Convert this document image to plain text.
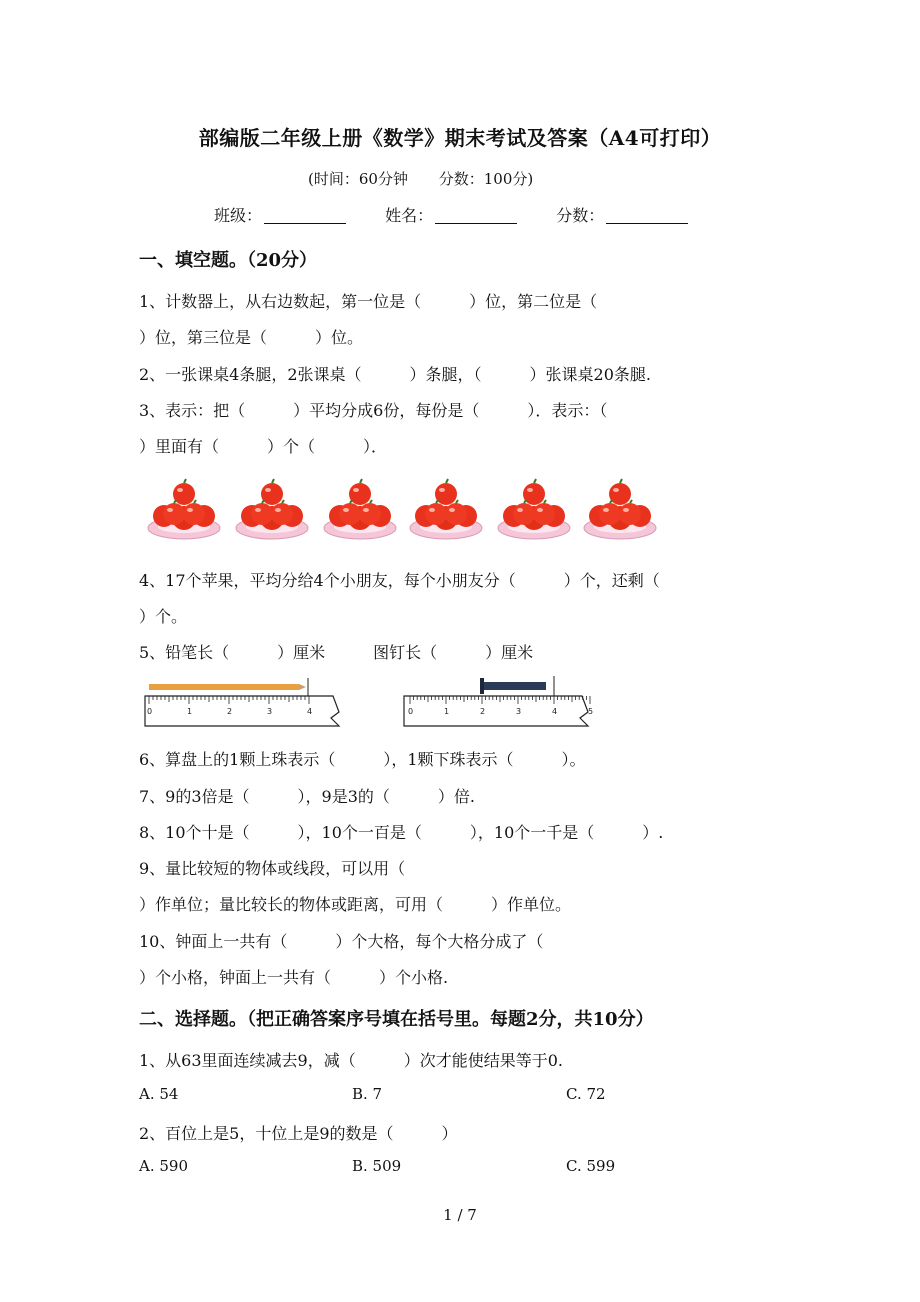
部编版二年级上册《数学》期末考试及答案（A4可打印）
(时间：60分钟 分数：100分)
班级：	姓名：	分数：
一、填空题。（20分）
1、计数器上，从右边数起，第一位是（　　　）位，第二位是（
）位，第三位是（　　　）位。
2、一张课桌4条腿，2张课桌（　　　）条腿，（　　　）张课桌20条腿.
3、表示：把（　　　）平均分成6份，每份是（　　　）．表示：（
）里面有（　　　）个（　　　）．
4、17个苹果，平均分给4个小朋友，每个小朋友分（　　　）个，还剩（
）个。
5、铅笔长（　　　）厘米　　　图钉长（　　　）厘米
0	1	2	3	4	0	1	2	3	4	5
6、算盘上的1颗上珠表示（　　　），1颗下珠表示（　　　）。
7、9的3倍是（　　　），9是3的（　　　）倍.
8、10个十是（　　　），10个一百是（　　　），10个一千是（　　　）.
9、量比较短的物体或线段，可以用（
）作单位；量比较长的物体或距离，可用（　　　）作单位。
10、钟面上一共有（　　　）个大格，每个大格分成了（
）个小格，钟面上一共有（　　　）个小格.
二、选择题。（把正确答案序号填在括号里。每题2分，共10分）
1、从63里面连续减去9，减（　　　）次才能使结果等于0.
A. 54	B. 7	C. 72
2、百位上是5，十位上是9的数是（　　　）
A. 590	B. 509	C. 599
1 / 7
